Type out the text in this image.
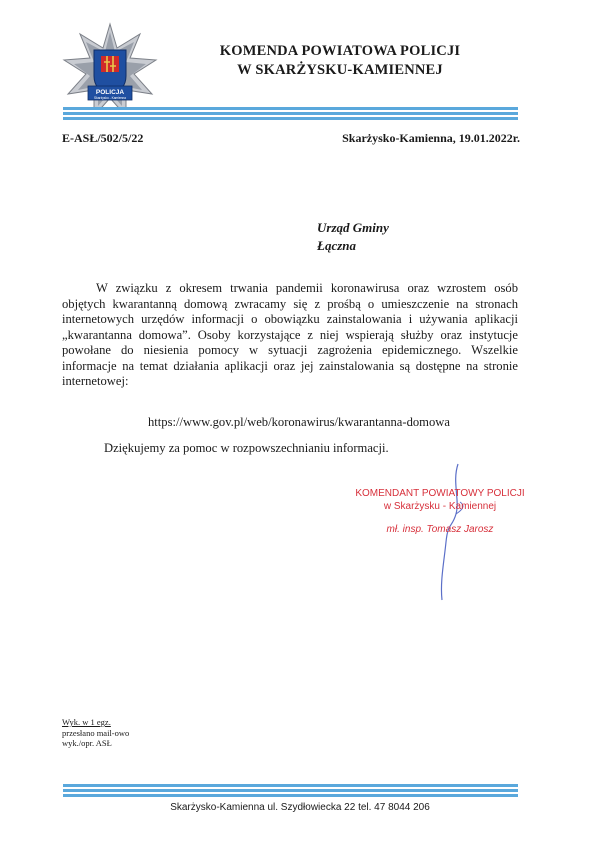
POLICJA
Skarżysko - Kamienna
KOMENDA POWIATOWA POLICJI
W SKARŻYSKU-KAMIENNEJ
E-ASŁ/502/5/22	Skarżysko-Kamienna, 19.01.2022r.
Urząd Gminy
Łączna
W związku z okresem trwania pandemii koronawirusa oraz wzrostem osób objętych kwarantanną domową zwracamy się z prośbą o umieszczenie na stronach internetowych urzędów informacji o obowiązku zainstalowania i używania aplikacji „kwarantanna domowa”. Osoby korzystające z niej wspierają służby oraz instytucje powołane do niesienia pomocy w sytuacji zagrożenia epidemicznego. Wszelkie informacje na temat działania aplikacji oraz jej zainstalowania są dostępne na stronie internetowej:
https://www.gov.pl/web/koronawirus/kwarantanna-domowa
Dziękujemy za pomoc w rozpowszechnianiu informacji.
KOMENDANT POWIATOWY POLICJI
w Skarżysku - Kamiennej
mł. insp. Tomasz Jarosz
Wyk. w 1 egz.
przesłano mail-owo
wyk./opr. ASŁ
Skarżysko-Kamienna ul. Szydłowiecka 22 tel. 47 8044 206
